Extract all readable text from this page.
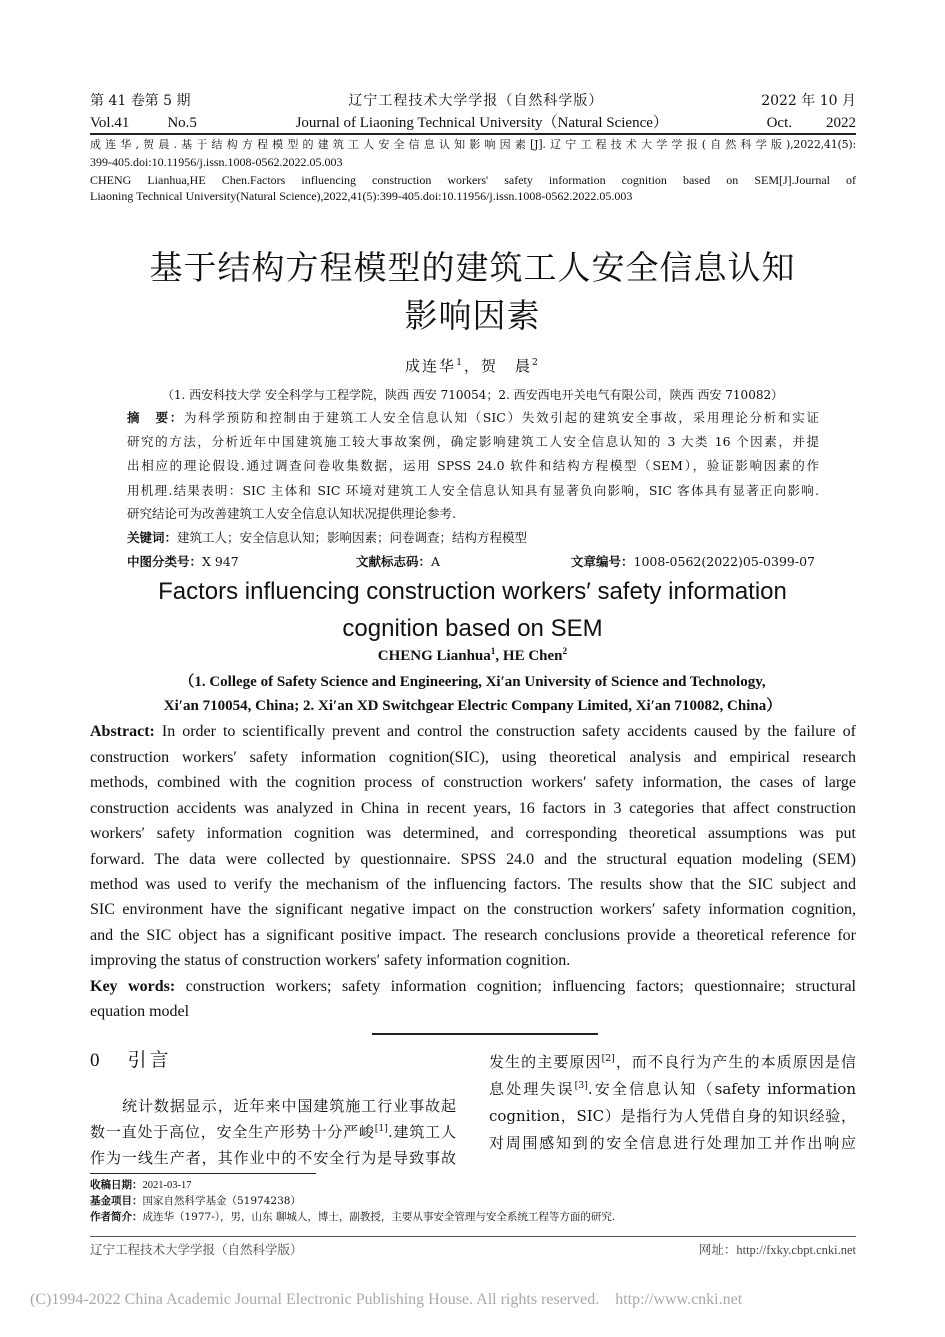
第 41 卷第 5 期	辽宁工程技术大学学报（自然科学版）	2022 年 10 月
Vol.41	No.5	Journal of Liaoning Technical University（Natural Science）	Oct. 2022
成连华,贺晨.基于结构方程模型的建筑工人安全信息认知影响因素[J].辽宁工程技术大学学报(自然科学版),2022,41(5):
399-405.doi:10.11956/j.issn.1008-0562.2022.05.003
CHENG Lianhua,HE Chen.Factors influencing construction workers' safety information cognition based on SEM[J].Journal of
Liaoning Technical University(Natural Science),2022,41(5):399-405.doi:10.11956/j.issn.1008-0562.2022.05.003
基于结构方程模型的建筑工人安全信息认知
影响因素
成连华$^1$，贺　晨$^2$
（1. 西安科技大学 安全科学与工程学院，陕西 西安 710054；2. 西安西电开关电气有限公司，陕西 西安 710082）
摘　要：为科学预防和控制由于建筑工人安全信息认知（SIC）失效引起的建筑安全事故，采用理论分析和实证
研究的方法，分析近年中国建筑施工较大事故案例，确定影响建筑工人安全信息认知的 3 大类 16 个因素，并提
出相应的理论假设.通过调查问卷收集数据，运用 SPSS 24.0 软件和结构方程模型（SEM），验证影响因素的作
用机理.结果表明：SIC 主体和 SIC 环境对建筑工人安全信息认知具有显著负向影响，SIC 客体具有显著正向影响.
研究结论可为改善建筑工人安全信息认知状况提供理论参考.
关键词：建筑工人；安全信息认知；影响因素；问卷调查；结构方程模型
中图分类号：X 947	文献标志码：A	文章编号：1008-0562(2022)05-0399-07
Factors influencing construction workers′ safety information
cognition based on SEM
CHENG Lianhua$^1$, HE Chen$^2$
（1. College of Safety Science and Engineering, Xi′an University of Science and Technology,
Xi′an 710054, China; 2. Xi′an XD Switchgear Electric Company Limited, Xi′an 710082, China）
Abstract: In order to scientifically prevent and control the construction safety accidents caused by the failure of
construction workers′ safety information cognition(SIC), using theoretical analysis and empirical research
methods, combined with the cognition process of construction workers′ safety information, the cases of large
construction accidents was analyzed in China in recent years, 16 factors in 3 categories that affect construction
workers′ safety information cognition was determined, and corresponding theoretical assumptions was put
forward. The data were collected by questionnaire. SPSS 24.0 and the structural equation modeling (SEM)
method was used to verify the mechanism of the influencing factors. The results show that the SIC subject and
SIC environment have the significant negative impact on the construction workers′ safety information cognition,
and the SIC object has a significant positive impact. The research conclusions provide a theoretical reference for
improving the status of construction workers′ safety information cognition.
Key words: construction workers; safety information cognition; influencing factors; questionnaire; structural
equation model
0 引言
统计数据显示，近年来中国建筑施工行业事故起
数一直处于高位，安全生产形势十分严峻[1].建筑工人
作为一线生产者，其作业中的不安全行为是导致事故
发生的主要原因[2]，而不良行为产生的本质原因是信
息处理失误[3].安全信息认知（safety information
cognition，SIC）是指行为人凭借自身的知识经验，
对周围感知到的安全信息进行处理加工并作出响应
收稿日期：2021-03-17
基金项目：国家自然科学基金（51974238）
作者简介：成连华（1977-），男，山东 聊城人，博士，副教授，主要从事安全管理与安全系统工程等方面的研究.
辽宁工程技术大学学报（自然科学版）	网址：http://fxky.cbpt.cnki.net
(C)1994-2022 China Academic Journal Electronic Publishing House. All rights reserved.    http://www.cnki.net
